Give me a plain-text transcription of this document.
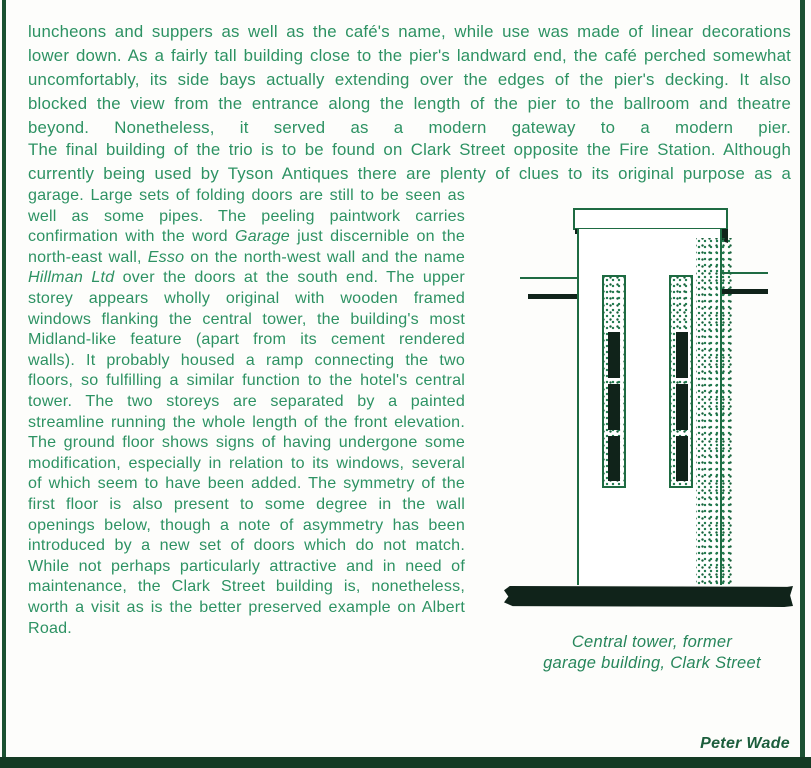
luncheons and suppers as well as the café's name, while use was made of linear decorations lower down. As a fairly tall building close to the pier's landward end, the café perched somewhat uncomfortably, its side bays actually extending over the edges of the pier's decking. It also blocked the view from the entrance along the length of the pier to the ballroom and theatre beyond. Nonetheless, it served as a modern gateway to a modern pier.

The final building of the trio is to be found on Clark Street opposite the Fire Station. Although currently being used by Tyson Antiques there are plenty of clues to its original purpose as a

garage. Large sets of folding doors are still to be seen as well as some pipes. The peeling paintwork carries confirmation with the word Garage just discernible on the north-east wall, Esso on the north-west wall and the name Hillman Ltd over the doors at the south end. The upper storey appears wholly original with wooden framed windows flanking the central tower, the building's most Midland-like feature (apart from its cement rendered walls). It probably housed a ramp connecting the two floors, so fulfilling a similar function to the hotel's central tower. The two storeys are separated by a painted streamline running the whole length of the front elevation. The ground floor shows signs of having undergone some modification, especially in relation to its windows, several of which seem to have been added. The symmetry of the first floor is also present to some degree in the wall openings below, though a note of asymmetry has been introduced by a new set of doors which do not match. While not perhaps particularly attractive and in need of maintenance, the Clark Street building is, nonetheless, worth a visit as is the better preserved example on Albert Road.

Central tower, former
garage building, Clark Street
Peter Wade
